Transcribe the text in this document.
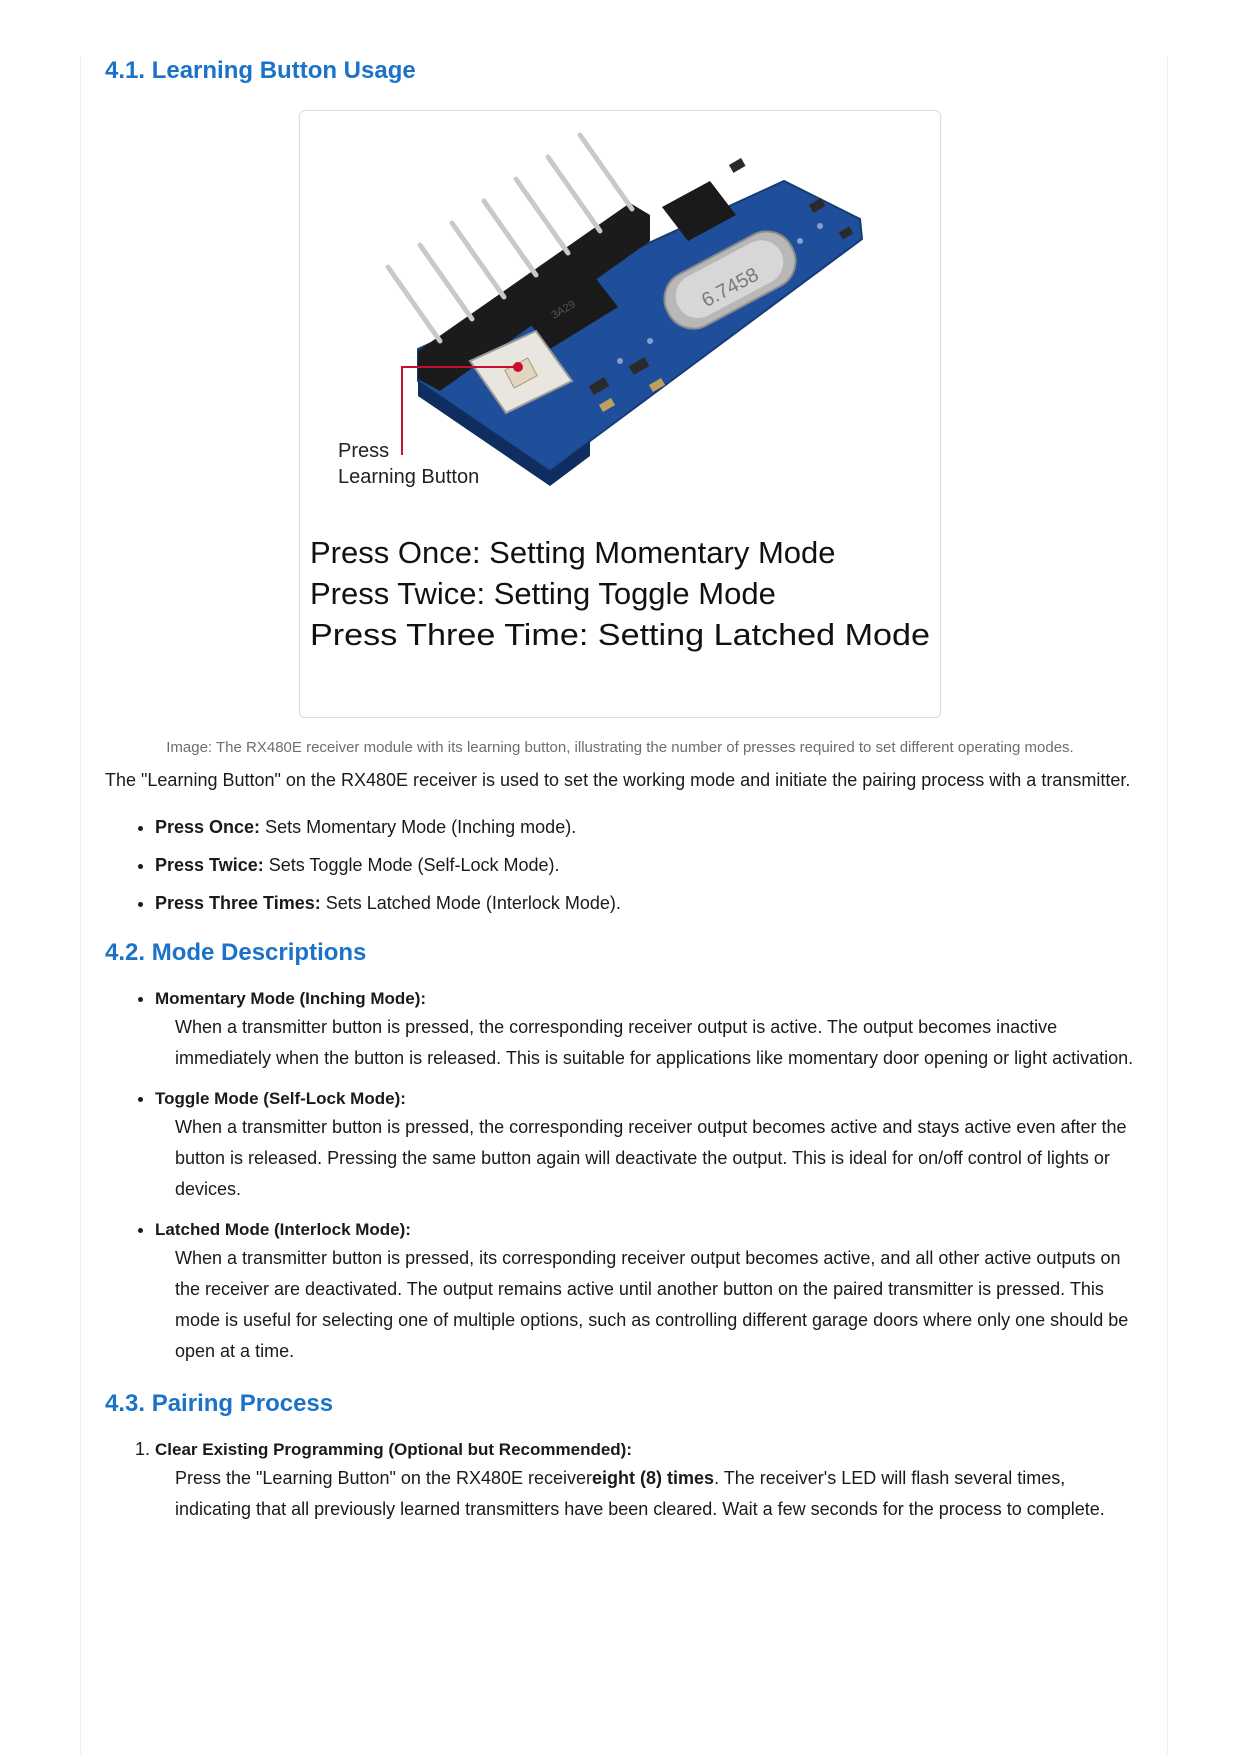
4.1. Learning Button Usage
3A29	6.7458
Press
Learning Button
Press Once: Setting Momentary Mode
Press Twice: Setting Toggle Mode
Press Three Time: Setting Latched Mode
Image: The RX480E receiver module with its learning button, illustrating the number of presses required to set different operating modes.

The "Learning Button" on the RX480E receiver is used to set the working mode and initiate the pairing process with a transmitter.

• Press Once: Sets Momentary Mode (Inching mode).
• Press Twice: Sets Toggle Mode (Self-Lock Mode).
• Press Three Times: Sets Latched Mode (Interlock Mode).
4.2. Mode Descriptions
• Momentary Mode (Inching Mode):
When a transmitter button is pressed, the corresponding receiver output is active. The output becomes inactive immediately when the button is released. This is suitable for applications like momentary door opening or light activation.
• Toggle Mode (Self-Lock Mode):
When a transmitter button is pressed, the corresponding receiver output becomes active and stays active even after the button is released. Pressing the same button again will deactivate the output. This is ideal for on/off control of lights or devices.
• Latched Mode (Interlock Mode):
When a transmitter button is pressed, its corresponding receiver output becomes active, and all other active outputs on the receiver are deactivated. The output remains active until another button on the paired transmitter is pressed. This mode is useful for selecting one of multiple options, such as controlling different garage doors where only one should be open at a time.
4.3. Pairing Process
1. Clear Existing Programming (Optional but Recommended):
Press the "Learning Button" on the RX480E receivereight (8) times. The receiver's LED will flash several times, indicating that all previously learned transmitters have been cleared. Wait a few seconds for the process to complete.
